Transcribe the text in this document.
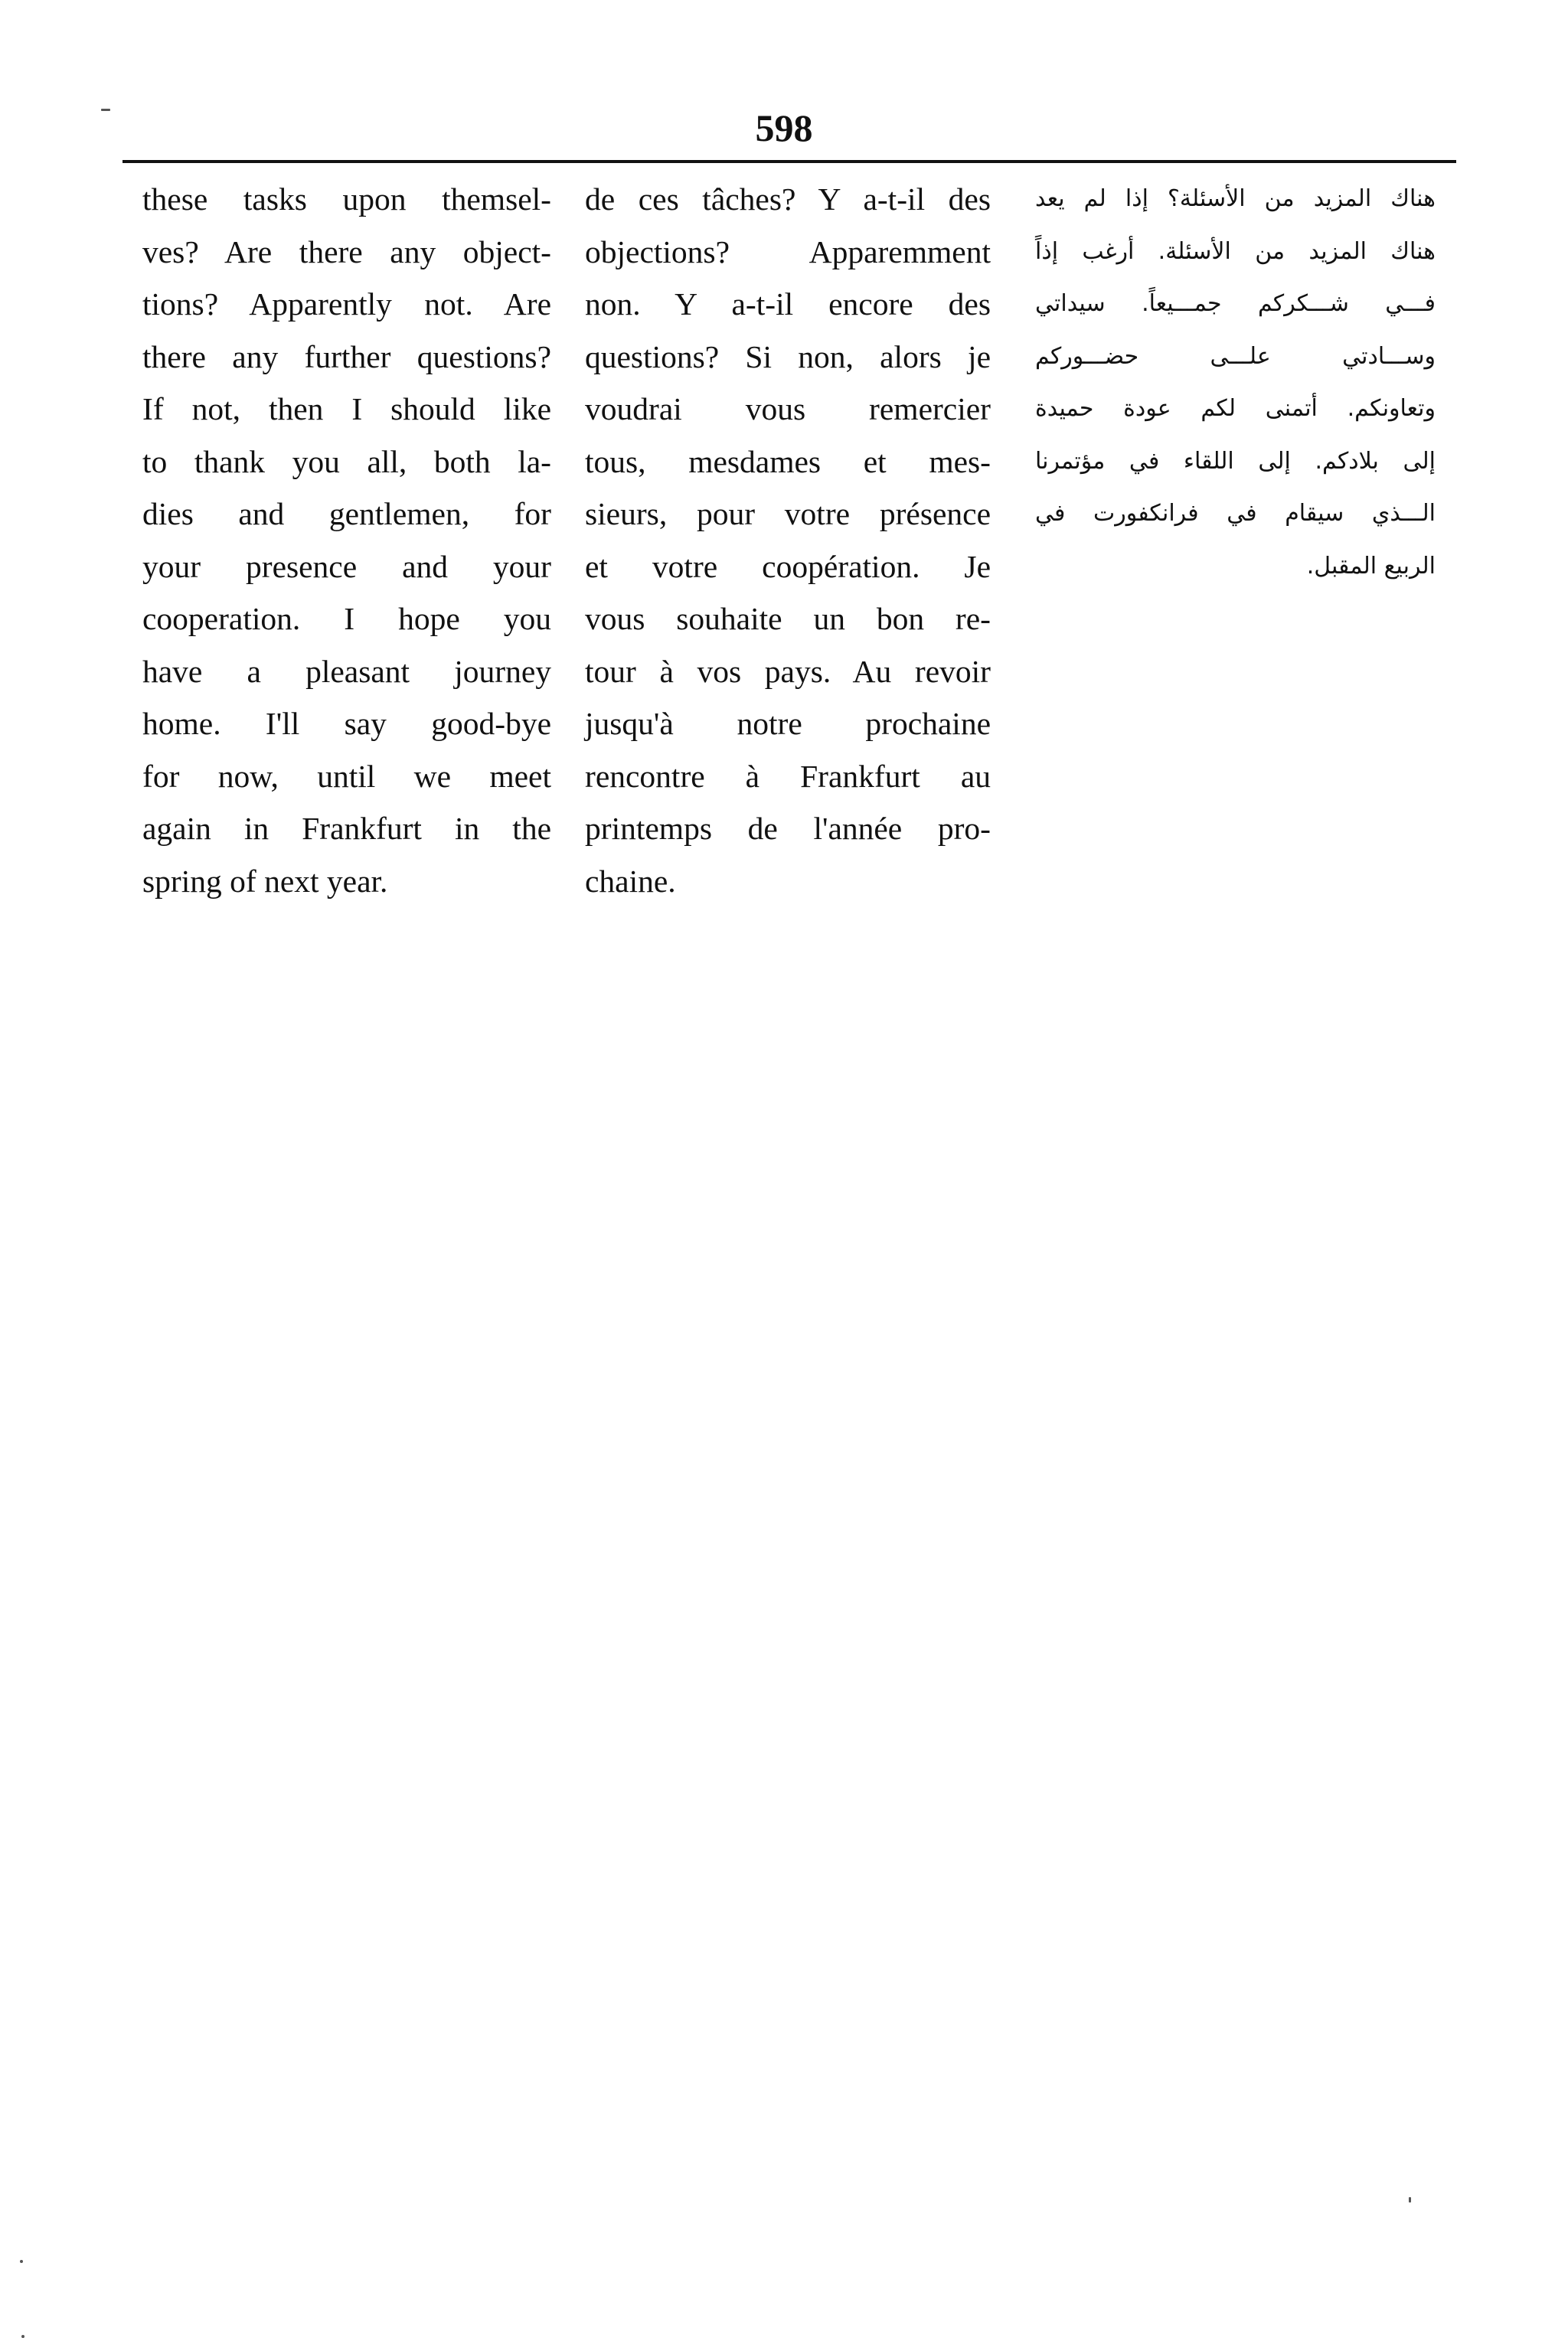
598
these tasks upon themsel-
ves? Are there any object-
tions? Apparently not. Are
there any further questions?
If not, then I should like
to thank you all, both la-
dies and gentlemen, for
your presence and your
cooperation. I hope you
have a pleasant journey
home. I'll say good-bye
for now, until we meet
again in Frankfurt in the
spring of next year.
de ces tâches? Y a-t-il des
objections? Apparemment
non. Y a-t-il encore des
questions? Si non, alors je
voudrai vous remercier
tous, mesdames et mes-
sieurs, pour votre présence
et votre coopération. Je
vous souhaite un bon re-
tour à vos pays. Au revoir
jusqu'à notre prochaine
rencontre à Frankfurt au
printemps de l'année pro-
chaine.
هناك المزيد من الأسئلة؟ إذا لم يعد
هناك المزيد من الأسئلة. أرغب إذاً
فـــي شـــكركم جمـــيعاً. سيداتي
وســـادتي علـــى حضـــوركم
وتعاونكم. أتمنى لكم عودة حميدة
إلى بلادكم. إلى اللقاء في مؤتمرنا
الـــذي سيقام في فرانكفورت في
الربيع المقبل.
